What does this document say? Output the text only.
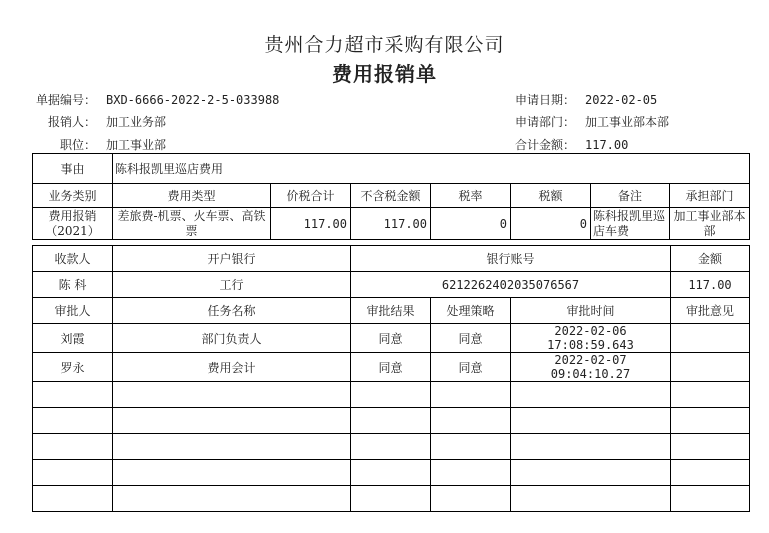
贵州合力超市采购有限公司
费用报销单
单据编号： BXD-6666-2022-2-5-033988
报销人： 加工业务部
职位： 加工事业部
申请日期： 2022-02-05
申请部门： 加工事业部本部
合计金额： 117.00
事由	陈科报凯里巡店费用						
业务类别	费用类型	价税合计	不含税金额	税率	税额	备注	承担部门
费用报销（2021）	差旅费-机票、火车票、高铁票	117.00	117.00	0	0	陈科报凯里巡店车费	加工事业部本部
收款人	开户银行	银行账号			金额
陈 科	工行	6212262402035076567			117.00
审批人	任务名称	审批结果	处理策略	审批时间	审批意见
刘霞	部门负责人	同意	同意	2022-02-06 17:08:59.643	
罗永	费用会计	同意	同意	2022-02-07 09:04:10.27	
